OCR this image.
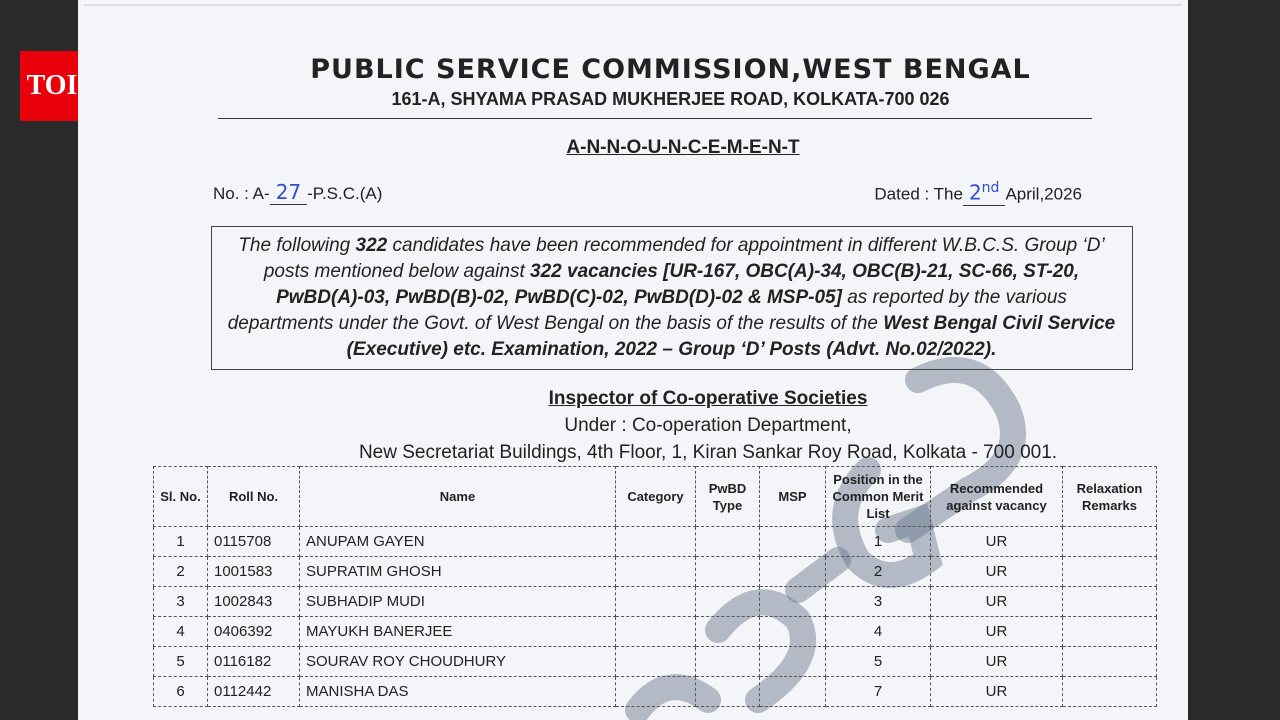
TOI
PUBLIC SERVICE COMMISSION,WEST BENGAL
161-A, SHYAMA PRASAD MUKHERJEE ROAD, KOLKATA-700 026
A-N-N-O-U-N-C-E-M-E-N-T
No. : A- 27 -P.S.C.(A)	Dated : The 2nd April,2026
The following 322 candidates have been recommended for appointment in different W.B.C.S. Group ‘D’ posts mentioned below against 322 vacancies [UR-167, OBC(A)-34, OBC(B)-21, SC-66, ST-20, PwBD(A)-03, PwBD(B)-02, PwBD(C)-02, PwBD(D)-02 & MSP-05] as reported by the various departments under the Govt. of West Bengal on the basis of the results of the West Bengal Civil Service (Executive) etc. Examination, 2022 – Group ‘D’ Posts (Advt. No.02/2022).
Inspector of Co-operative Societies
Under : Co-operation Department,
New Secretariat Buildings, 4th Floor, 1, Kiran Sankar Roy Road, Kolkata - 700 001.
Sl. No.	Roll No.	Name	Category	PwBD Type	MSP	Position in the Common Merit List	Recommended against vacancy	Relaxation Remarks
1	0115708	ANUPAM GAYEN				1	UR	
2	1001583	SUPRATIM GHOSH				2	UR	
3	1002843	SUBHADIP MUDI				3	UR	
4	0406392	MAYUKH BANERJEE				4	UR	
5	0116182	SOURAV ROY CHOUDHURY				5	UR	
6	0112442	MANISHA DAS				7	UR	
